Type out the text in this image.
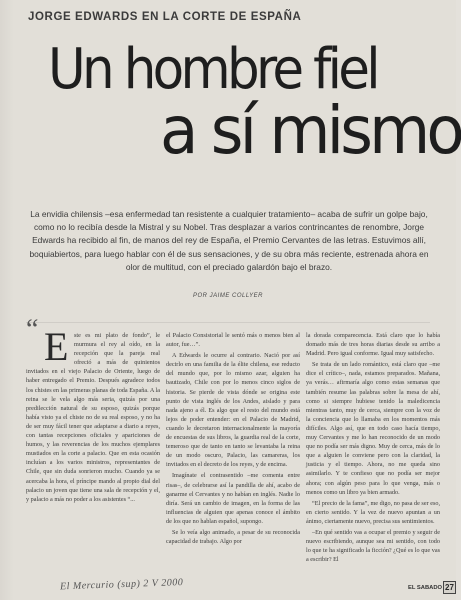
JORGE EDWARDS EN LA CORTE DE ESPAÑA
Un hombre fiel
a sí mismo
La envidia chilensis –esa enfermedad tan resistente a cualquier tratamiento– acaba de sufrir un golpe bajo, como no lo recibía desde la Mistral y su Nobel. Tras desplazar a varios contrincantes de renombre, Jorge Edwards ha recibido al fin, de manos del rey de España, el Premio Cervantes de las letras. Estuvimos allí, boquiabiertos, para luego hablar con él de sus sensaciones, y de su obra más reciente, estrenada ahora en olor de multitud, con el preciado galardón bajo el brazo.
POR JAIME COLLYER
“ E ste es mi plato de fondo”, le murmura el rey al oído, en la recepción que la pareja real ofreció a más de quinientos invitados en el viejo Palacio de Oriente, luego de haber entregado el Premio. Después agradece todos los chistes en las primeras planas de toda España. A la reina se le vela algo más seria, quizás por una predilección natural de su esposo, quizás porque había visto ya el chiste no de su real esposo, y no ha de ser muy fácil tener que adaptarse a diario a reyes, con tantas recepciones oficiales y apariciones de humos, y las reverencias de los muchos ejemplares mustiados en la corte a palacio. Que en esta ocasión incluían a los varios ministros, representantes de Chile, que sin duda sonrieron mucho. Cuando ya se acercaba la hora, el príncipe mando al propio dial del palacio un joven que tiene una sala de recepción y el, y palacio a más no poder a los asistentes “...

el Palacio Consistorial le sentó más o menos bien al autor, fue…”.

A Edwards le ocurre al contrario. Nació por así decirlo en una familia de la élite chilena, ese reducto del mundo que, por lo mismo azar, alguien ha bautizado, Chile con por lo menos cinco siglos de historia. Se pierde de vista dónde se origina este punto de vista inglés de los Andes, aislado y para nada ajeno a él. Es algo que el resto del mundo está lejos de poder entender: en el Palacio de Madrid, cuando le decretaron internacionalmente la mayoría de encuestas de sus libros, la guardia real de la corte, temeroso que de tanto en tanto se levantaba la reina de un modo oscuro, Palacio, las camareras, los invitados en el decreto de los reyes, y de encima.

Imagínate el contrasentido –me comenta entre risas–, de celebrarse así la pandilla de ahí, acabo de ganarme el Cervantes y no habían en inglés. Nadie lo diría. Será un cambio de imagen, en la forma de las influencias de alguien que apenas conoce el ámbito de los que no hablan español, supongo.

Se lo veía algo animado, a pesar de su reconocida capacidad de trabajo. Algo por

la dorada comparecencia. Está claro que lo había domado más de tres horas diarias desde su arribo a Madrid. Pero igual conforme. Igual muy satisfecho.

Se trata de un lado romántico, está claro que –me dice el crítico–, nada, estamos preparados. Mañana, ya verás… afirmaría algo como estas semanas que también resume las palabras sobre la mesa de ahí, como si siempre hubiese tenido la maledicencia mientras tanto, muy de cerca, siempre con la voz de la conciencia que lo llamaba en los momentos más difíciles. Algo así, que en todo caso hacía tiempo, muy Cervantes y me lo han reconocido de un modo que no podía ser más digno. Muy de cerca, más de lo que a alguien le conviene pero con la claridad, la justicia y el tiempo. Ahora, no me queda sino asimilarlo. Y te confieso que no podía ser mejor ahora; con algún peso para lo que venga, más o menos como un libro ya bien armado.

“El precio de la fama”, me digo, no pasa de ser eso, en cierto sentido. Y la vez de nuevo apuntan a un ánimo, ciertamente nuevo, precisa sus sentimientos.

–En qué sentido vas a ocupar el premio y seguir de nuevo escribiendo, aunque sea mi sentido, con todo lo que te ha significado la ficción? ¿Qué es lo que vas a escribir? El

El Mercurio (sup) 2 V 2000	EL SABADO 27
